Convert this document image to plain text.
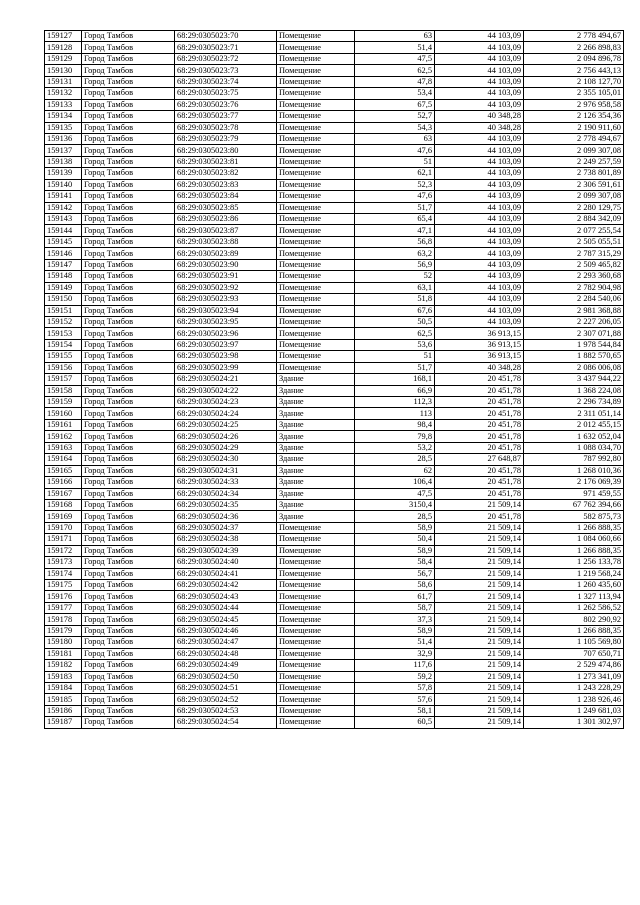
159127	Город Тамбов	68:29:0305023:70	Помещение	63	44 103,09	2 778 494,67
159128	Город Тамбов	68:29:0305023:71	Помещение	51,4	44 103,09	2 266 898,83
159129	Город Тамбов	68:29:0305023:72	Помещение	47,5	44 103,09	2 094 896,78
159130	Город Тамбов	68:29:0305023:73	Помещение	62,5	44 103,09	2 756 443,13
159131	Город Тамбов	68:29:0305023:74	Помещение	47,8	44 103,09	2 108 127,70
159132	Город Тамбов	68:29:0305023:75	Помещение	53,4	44 103,09	2 355 105,01
159133	Город Тамбов	68:29:0305023:76	Помещение	67,5	44 103,09	2 976 958,58
159134	Город Тамбов	68:29:0305023:77	Помещение	52,7	40 348,28	2 126 354,36
159135	Город Тамбов	68:29:0305023:78	Помещение	54,3	40 348,28	2 190 911,60
159136	Город Тамбов	68:29:0305023:79	Помещение	63	44 103,09	2 778 494,67
159137	Город Тамбов	68:29:0305023:80	Помещение	47,6	44 103,09	2 099 307,08
159138	Город Тамбов	68:29:0305023:81	Помещение	51	44 103,09	2 249 257,59
159139	Город Тамбов	68:29:0305023:82	Помещение	62,1	44 103,09	2 738 801,89
159140	Город Тамбов	68:29:0305023:83	Помещение	52,3	44 103,09	2 306 591,61
159141	Город Тамбов	68:29:0305023:84	Помещение	47,6	44 103,09	2 099 307,08
159142	Город Тамбов	68:29:0305023:85	Помещение	51,7	44 103,09	2 280 129,75
159143	Город Тамбов	68:29:0305023:86	Помещение	65,4	44 103,09	2 884 342,09
159144	Город Тамбов	68:29:0305023:87	Помещение	47,1	44 103,09	2 077 255,54
159145	Город Тамбов	68:29:0305023:88	Помещение	56,8	44 103,09	2 505 055,51
159146	Город Тамбов	68:29:0305023:89	Помещение	63,2	44 103,09	2 787 315,29
159147	Город Тамбов	68:29:0305023:90	Помещение	56,9	44 103,09	2 509 465,82
159148	Город Тамбов	68:29:0305023:91	Помещение	52	44 103,09	2 293 360,68
159149	Город Тамбов	68:29:0305023:92	Помещение	63,1	44 103,09	2 782 904,98
159150	Город Тамбов	68:29:0305023:93	Помещение	51,8	44 103,09	2 284 540,06
159151	Город Тамбов	68:29:0305023:94	Помещение	67,6	44 103,09	2 981 368,88
159152	Город Тамбов	68:29:0305023:95	Помещение	50,5	44 103,09	2 227 206,05
159153	Город Тамбов	68:29:0305023:96	Помещение	62,5	36 913,15	2 307 071,88
159154	Город Тамбов	68:29:0305023:97	Помещение	53,6	36 913,15	1 978 544,84
159155	Город Тамбов	68:29:0305023:98	Помещение	51	36 913,15	1 882 570,65
159156	Город Тамбов	68:29:0305023:99	Помещение	51,7	40 348,28	2 086 006,08
159157	Город Тамбов	68:29:0305024:21	Здание	168,1	20 451,78	3 437 944,22
159158	Город Тамбов	68:29:0305024:22	Здание	66,9	20 451,78	1 368 224,08
159159	Город Тамбов	68:29:0305024:23	Здание	112,3	20 451,78	2 296 734,89
159160	Город Тамбов	68:29:0305024:24	Здание	113	20 451,78	2 311 051,14
159161	Город Тамбов	68:29:0305024:25	Здание	98,4	20 451,78	2 012 455,15
159162	Город Тамбов	68:29:0305024:26	Здание	79,8	20 451,78	1 632 052,04
159163	Город Тамбов	68:29:0305024:29	Здание	53,2	20 451,78	1 088 034,70
159164	Город Тамбов	68:29:0305024:30	Здание	28,5	27 648,87	787 992,80
159165	Город Тамбов	68:29:0305024:31	Здание	62	20 451,78	1 268 010,36
159166	Город Тамбов	68:29:0305024:33	Здание	106,4	20 451,78	2 176 069,39
159167	Город Тамбов	68:29:0305024:34	Здание	47,5	20 451,78	971 459,55
159168	Город Тамбов	68:29:0305024:35	Здание	3150,4	21 509,14	67 762 394,66
159169	Город Тамбов	68:29:0305024:36	Здание	28,5	20 451,78	582 875,73
159170	Город Тамбов	68:29:0305024:37	Помещение	58,9	21 509,14	1 266 888,35
159171	Город Тамбов	68:29:0305024:38	Помещение	50,4	21 509,14	1 084 060,66
159172	Город Тамбов	68:29:0305024:39	Помещение	58,9	21 509,14	1 266 888,35
159173	Город Тамбов	68:29:0305024:40	Помещение	58,4	21 509,14	1 256 133,78
159174	Город Тамбов	68:29:0305024:41	Помещение	56,7	21 509,14	1 219 568,24
159175	Город Тамбов	68:29:0305024:42	Помещение	58,6	21 509,14	1 260 435,60
159176	Город Тамбов	68:29:0305024:43	Помещение	61,7	21 509,14	1 327 113,94
159177	Город Тамбов	68:29:0305024:44	Помещение	58,7	21 509,14	1 262 586,52
159178	Город Тамбов	68:29:0305024:45	Помещение	37,3	21 509,14	802 290,92
159179	Город Тамбов	68:29:0305024:46	Помещение	58,9	21 509,14	1 266 888,35
159180	Город Тамбов	68:29:0305024:47	Помещение	51,4	21 509,14	1 105 569,80
159181	Город Тамбов	68:29:0305024:48	Помещение	32,9	21 509,14	707 650,71
159182	Город Тамбов	68:29:0305024:49	Помещение	117,6	21 509,14	2 529 474,86
159183	Город Тамбов	68:29:0305024:50	Помещение	59,2	21 509,14	1 273 341,09
159184	Город Тамбов	68:29:0305024:51	Помещение	57,8	21 509,14	1 243 228,29
159185	Город Тамбов	68:29:0305024:52	Помещение	57,6	21 509,14	1 238 926,46
159186	Город Тамбов	68:29:0305024:53	Помещение	58,1	21 509,14	1 249 681,03
159187	Город Тамбов	68:29:0305024:54	Помещение	60,5	21 509,14	1 301 302,97
